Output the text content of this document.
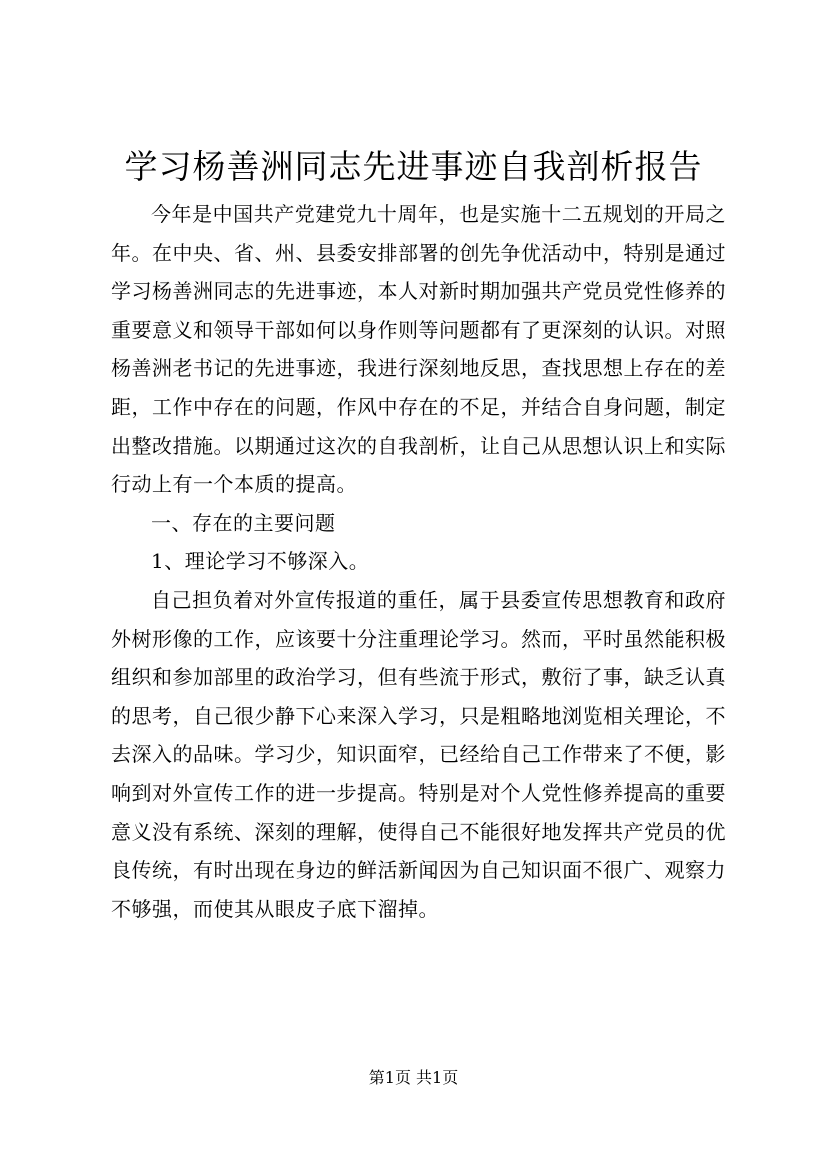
学习杨善洲同志先进事迹自我剖析报告

今年是中国共产党建党九十周年，也是实施十二五规划的开局之年。在中央、省、州、县委安排部署的创先争优活动中，特别是通过学习杨善洲同志的先进事迹，本人对新时期加强共产党员党性修养的重要意义和领导干部如何以身作则等问题都有了更深刻的认识。对照杨善洲老书记的先进事迹，我进行深刻地反思，查找思想上存在的差距，工作中存在的问题，作风中存在的不足，并结合自身问题，制定出整改措施。以期通过这次的自我剖析，让自己从思想认识上和实际行动上有一个本质的提高。

一、存在的主要问题

1、理论学习不够深入。

自己担负着对外宣传报道的重任，属于县委宣传思想教育和政府外树形像的工作，应该要十分注重理论学习。然而，平时虽然能积极组织和参加部里的政治学习，但有些流于形式，敷衍了事，缺乏认真的思考，自己很少静下心来深入学习，只是粗略地浏览相关理论，不去深入的品味。学习少，知识面窄，已经给自己工作带来了不便，影响到对外宣传工作的进一步提高。特别是对个人党性修养提高的重要意义没有系统、深刻的理解，使得自己不能很好地发挥共产党员的优良传统，有时出现在身边的鲜活新闻因为自己知识面不很广、观察力不够强，而使其从眼皮子底下溜掉。

第1页 共1页
